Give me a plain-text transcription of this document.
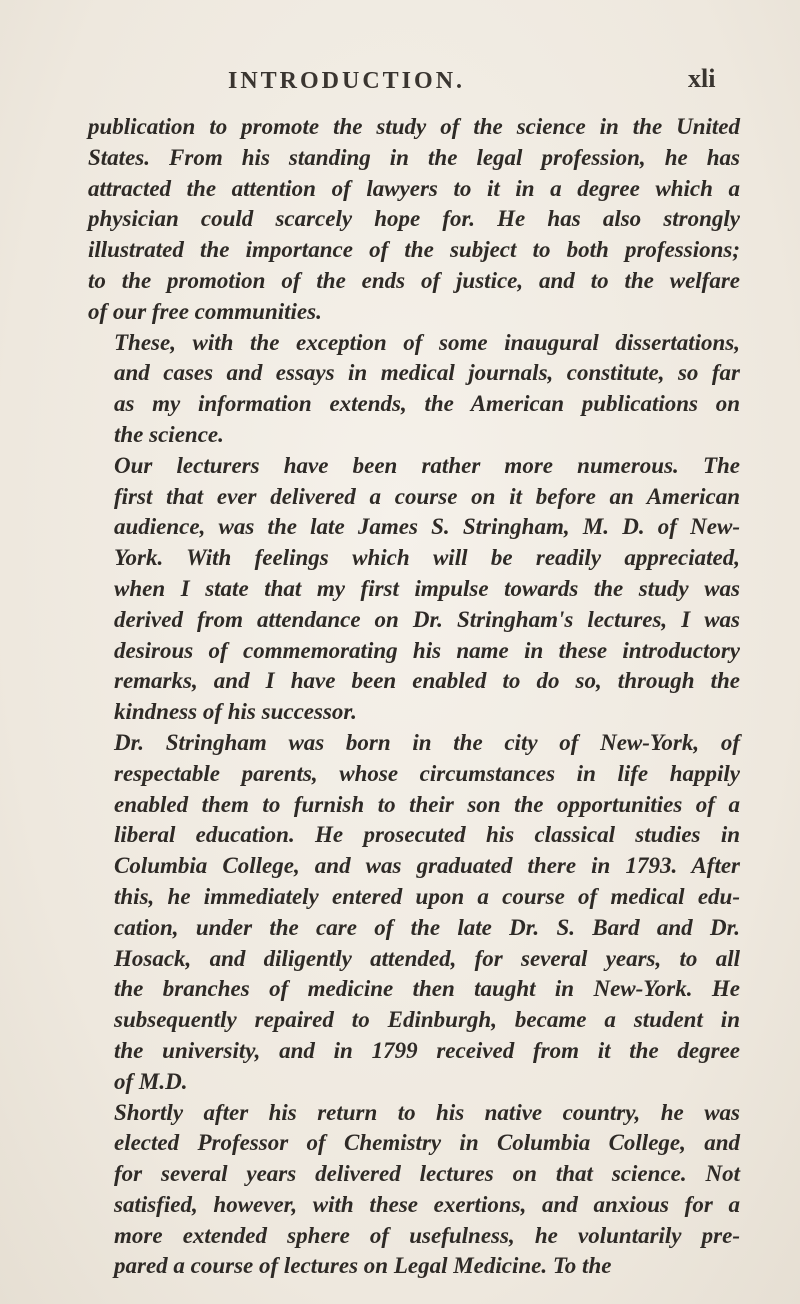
INTRODUCTION.	xli
publication to promote the study of the science in the United
States. From his standing in the legal profession, he has
attracted the attention of lawyers to it in a degree which a
physician could scarcely hope for. He has also strongly
illustrated the importance of the subject to both professions;
to the promotion of the ends of justice, and to the welfare
of our free communities.
These, with the exception of some inaugural dissertations,
and cases and essays in medical journals, constitute, so far
as my information extends, the American publications on
the science.
Our lecturers have been rather more numerous. The
first that ever delivered a course on it before an American
audience, was the late James S. Stringham, M. D. of New-
York. With feelings which will be readily appreciated,
when I state that my first impulse towards the study was
derived from attendance on Dr. Stringham's lectures, I was
desirous of commemorating his name in these introductory
remarks, and I have been enabled to do so, through the
kindness of his successor.
Dr. Stringham was born in the city of New-York, of
respectable parents, whose circumstances in life happily
enabled them to furnish to their son the opportunities of a
liberal education. He prosecuted his classical studies in
Columbia College, and was graduated there in 1793. After
this, he immediately entered upon a course of medical edu-
cation, under the care of the late Dr. S. Bard and Dr.
Hosack, and diligently attended, for several years, to all
the branches of medicine then taught in New-York. He
subsequently repaired to Edinburgh, became a student in
the university, and in 1799 received from it the degree
of M.D.
Shortly after his return to his native country, he was
elected Professor of Chemistry in Columbia College, and
for several years delivered lectures on that science. Not
satisfied, however, with these exertions, and anxious for a
more extended sphere of usefulness, he voluntarily pre-
pared a course of lectures on Legal Medicine. To the
